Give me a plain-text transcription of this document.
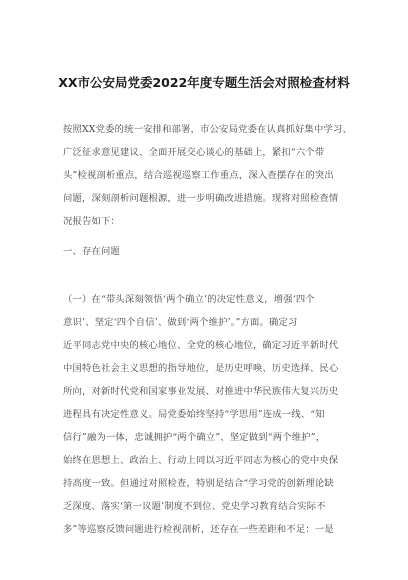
XX市公安局党委2022年度专题生活会对照检查材料
按照XX党委的统一安排和部署，市公安局党委在认真抓好集中学习、
广泛征求意见建议、全面开展交心谈心的基础上，紧扣“六个带
头”检视剖析重点，结合巡视巡察工作重点，深入查摆存在的突出
问题，深刻剖析问题根源，进一步明确改进措施。现将对照检查情
况报告如下：
一、存在问题
（一）在“带头深刻领悟‘两个确立’的决定性意义，增强‘四个
意识’、坚定‘四个自信’、做到‘两个维护’。”方面。确定习
近平同志党中央的核心地位、全党的核心地位，确定习近平新时代
中国特色社会主义思想的指导地位，是历史呼唤、历史选择、民心
所向，对新时代党和国家事业发展、对推进中华民族伟大复兴历史
进程具有决定性意义。局党委始终坚持“学思用”连成一线、“知
信行”融为一体，忠诚拥护“两个确立”、坚定做到“两个维护”，
始终在思想上、政治上、行动上同以习近平同志为核心的党中央保
持高度一致。但通过对照检查，特别是结合“学习党的创新理论缺
乏深度、落实‘第一议题’制度不到位、党史学习教育结合实际不
多”等巡察反馈问题进行检视剖析，还存在一些差距和不足：一是
